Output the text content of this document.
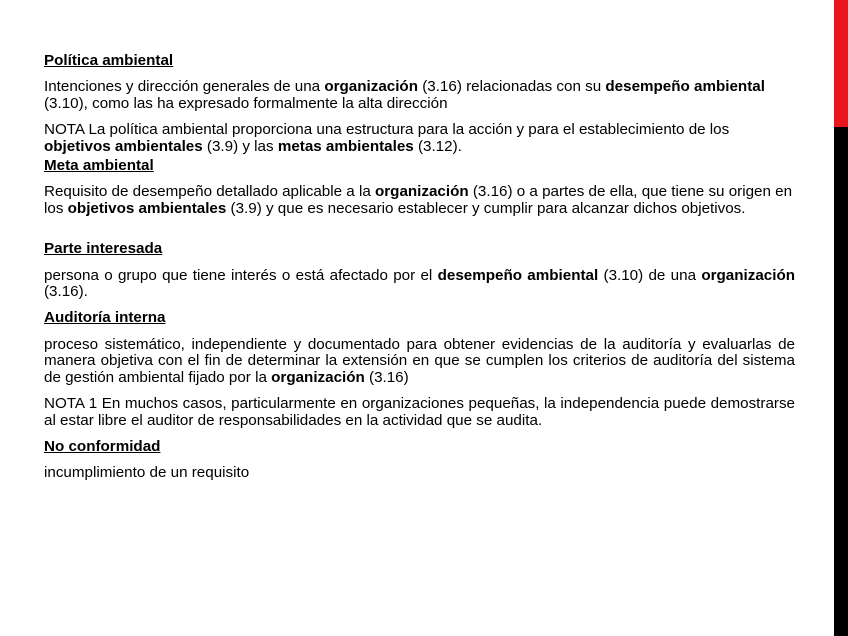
Política ambiental

Intenciones y dirección generales de una organización (3.16) relacionadas con su desempeño ambiental (3.10), como las ha expresado formalmente la alta dirección

NOTA La política ambiental proporciona una estructura para la acción y para el establecimiento de los objetivos ambientales (3.9) y las metas ambientales (3.12).

Meta ambiental

Requisito de desempeño detallado aplicable a la organización (3.16) o a partes de ella, que tiene su origen en los objetivos ambientales (3.9) y que es necesario establecer y cumplir para alcanzar dichos objetivos.

Parte interesada

persona o grupo que tiene interés o está afectado por el desempeño ambiental (3.10) de una organización (3.16).

Auditoría interna

proceso sistemático, independiente y documentado para obtener evidencias de la auditoría y evaluarlas de manera objetiva con el fin de determinar la extensión en que se cumplen los criterios de auditoría del sistema de gestión ambiental fijado por la organización (3.16)

NOTA 1 En muchos casos, particularmente en organizaciones pequeñas, la independencia puede demostrarse al estar libre el auditor de responsabilidades en la actividad que se audita.

No conformidad

incumplimiento de un requisito
